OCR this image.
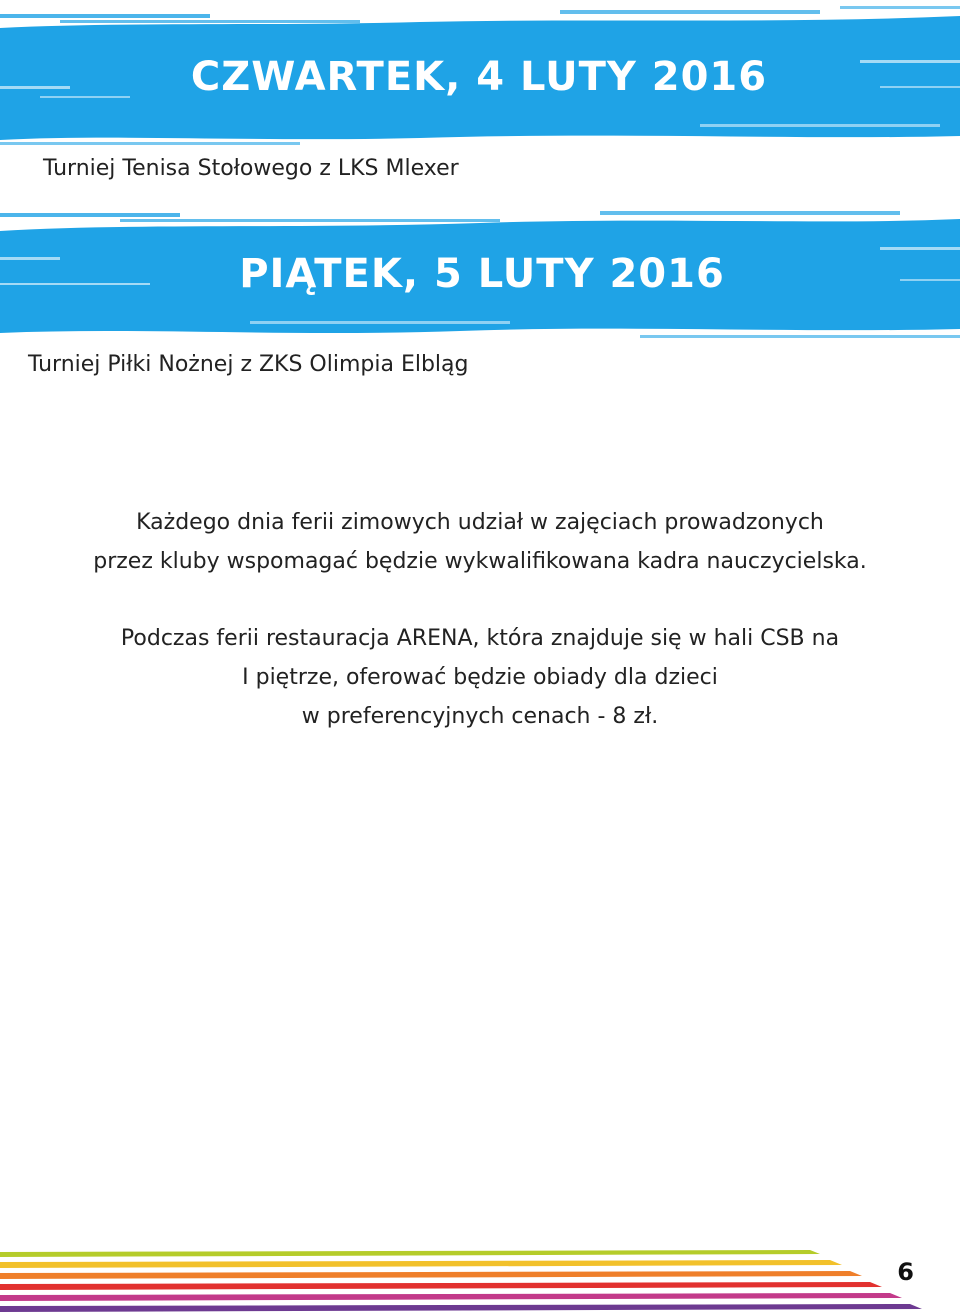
CZWARTEK, 4 LUTY 2016
Turniej Tenisa Stołowego z LKS Mlexer
PIĄTEK, 5 LUTY 2016
Turniej Piłki Nożnej z ZKS Olimpia Elbląg
Każdego dnia ferii zimowych udział w zajęciach prowadzonych
przez kluby wspomagać będzie wykwalifikowana kadra nauczycielska.
Podczas ferii restauracja ARENA, która znajduje się w hali CSB na
I piętrze, oferować będzie obiady dla dzieci
w preferencyjnych cenach - 8 zł.
6
